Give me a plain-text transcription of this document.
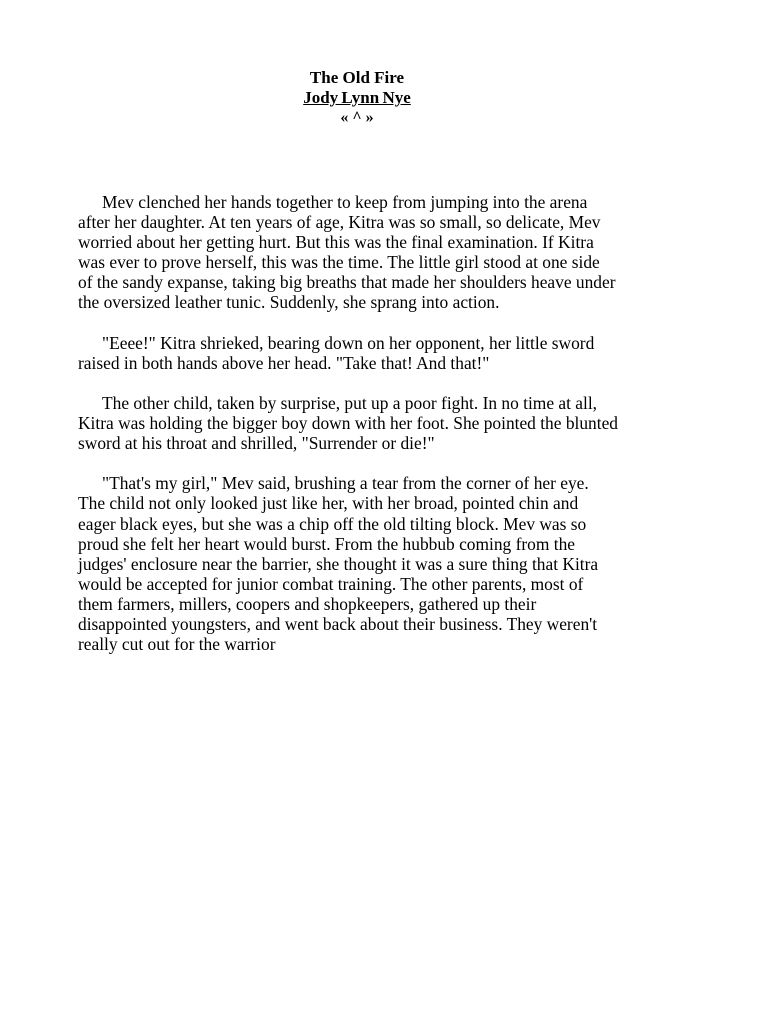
The Old Fire
Jody Lynn Nye
« ^ »

Mev clenched her hands together to keep from jumping into the arena after her daughter. At ten years of age, Kitra was so small, so delicate, Mev worried about her getting hurt. But this was the final examination. If Kitra was ever to prove herself, this was the time. The little girl stood at one side of the sandy expanse, taking big breaths that made her shoulders heave under the oversized leather tunic. Suddenly, she sprang into action.

"Eeee!" Kitra shrieked, bearing down on her opponent, her little sword raised in both hands above her head. "Take that! And that!"

The other child, taken by surprise, put up a poor fight. In no time at all, Kitra was holding the bigger boy down with her foot. She pointed the blunted sword at his throat and shrilled, "Surrender or die!"

"That's my girl," Mev said, brushing a tear from the corner of her eye. The child not only looked just like her, with her broad, pointed chin and eager black eyes, but she was a chip off the old tilting block. Mev was so proud she felt her heart would burst. From the hubbub coming from the judges' enclosure near the barrier, she thought it was a sure thing that Kitra would be accepted for junior combat training. The other parents, most of them farmers, millers, coopers and shopkeepers, gathered up their disappointed youngsters, and went back about their business. They weren't really cut out for the warrior
